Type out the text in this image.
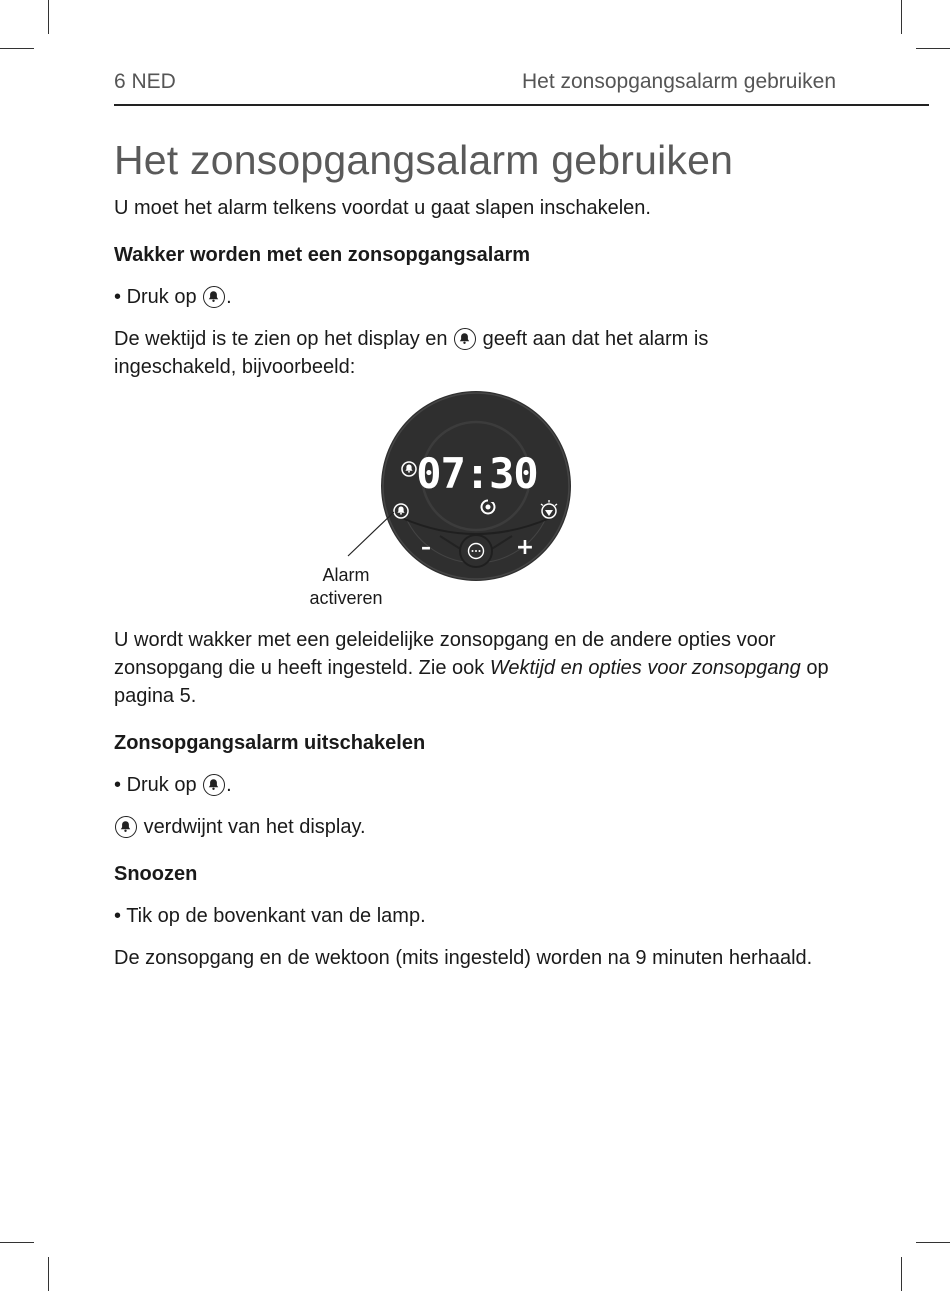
6 NED	Het zonsopgangsalarm gebruiken
Het zonsopgangsalarm gebruiken

U moet het alarm telkens voordat u gaat slapen inschakelen.

Wakker worden met een zonsopgangsalarm

• Druk op .

De wektijd is te zien op het display en geeft aan dat het alarm is ingeschakeld, bijvoorbeeld:

07:30
–	+
Alarm
activeren

U wordt wakker met een geleidelijke zonsopgang en de andere opties voor zonsopgang die u heeft ingesteld. Zie ook Wektijd en opties voor zonsopgang op pagina 5.

Zonsopgangsalarm uitschakelen

• Druk op .

verdwijnt van het display.

Snoozen

• Tik op de bovenkant van de lamp.

De zonsopgang en de wektoon (mits ingesteld) worden na 9 minuten herhaald.
